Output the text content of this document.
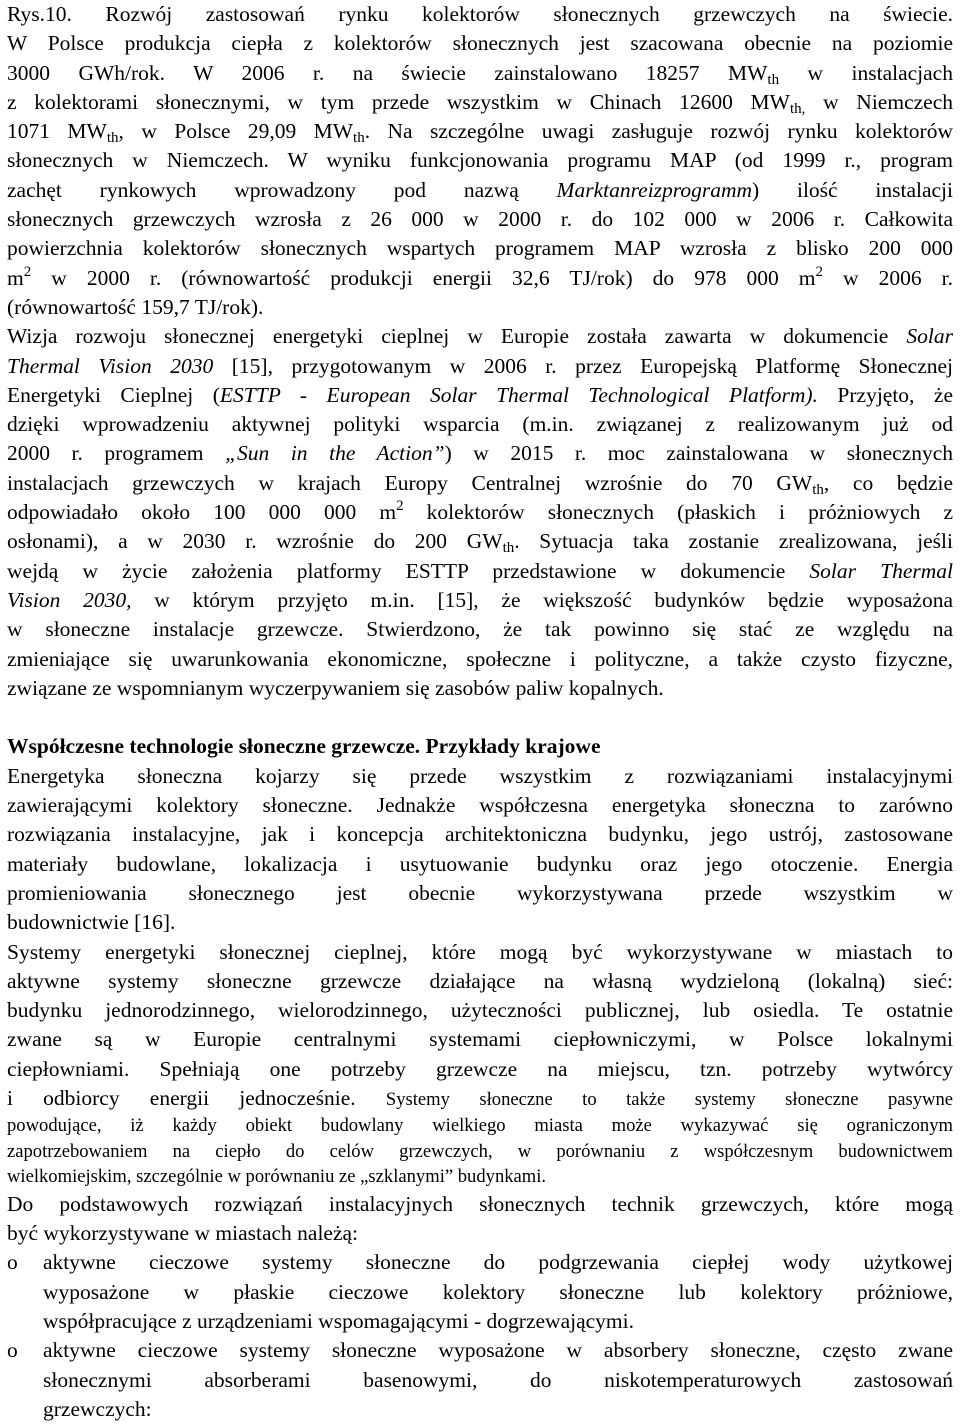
Rys.10. Rozwój zastosowań rynku kolektorów słonecznych grzewczych na świecie.
W Polsce produkcja ciepła z kolektorów słonecznych jest szacowana obecnie na poziomie
3000 GWh/rok. W 2006 r. na świecie zainstalowano 18257 $MW_{th}$ w instalacjach
z kolektorami słonecznymi, w tym przede wszystkim w Chinach 12600 $MW_{th,}$ w Niemczech
1071 $MW_{th}$, w Polsce 29,09 $MW_{th}$. Na szczególne uwagi zasługuje rozwój rynku kolektorów
słonecznych w Niemczech. W wyniku funkcjonowania programu MAP (od 1999 r., program
zachęt rynkowych wprowadzony pod nazwą Marktanreizprogramm) ilość instalacji
słonecznych grzewczych wzrosła z 26 000 w 2000 r. do 102 000 w 2006 r. Całkowita
powierzchnia kolektorów słonecznych wspartych programem MAP wzrosła z blisko 200 000
$m^2$ w 2000 r. (równowartość produkcji energii 32,6 TJ/rok) do 978 000 $m^2$ w 2006 r.
(równowartość 159,7 TJ/rok).
Wizja rozwoju słonecznej energetyki cieplnej w Europie została zawarta w dokumencie Solar
Thermal Vision 2030 [15], przygotowanym w 2006 r. przez Europejską Platformę Słonecznej
Energetyki Cieplnej (ESTTP - European Solar Thermal Technological Platform). Przyjęto, że
dzięki wprowadzeniu aktywnej polityki wsparcia (m.in. związanej z realizowanym już od
2000 r. programem „Sun in the Action”) w 2015 r. moc zainstalowana w słonecznych
instalacjach grzewczych w krajach Europy Centralnej wzrośnie do 70 $GW_{th}$, co będzie
odpowiadało około 100 000 000 $m^2$ kolektorów słonecznych (płaskich i próżniowych z
osłonami), a w 2030 r. wzrośnie do 200 $GW_{th}$. Sytuacja taka zostanie zrealizowana, jeśli
wejdą w życie założenia platformy ESTTP przedstawione w dokumencie Solar Thermal
Vision 2030, w którym przyjęto m.in. [15], że większość budynków będzie wyposażona
w słoneczne instalacje grzewcze. Stwierdzono, że tak powinno się stać ze względu na
zmieniające się uwarunkowania ekonomiczne, społeczne i polityczne, a także czysto fizyczne,
związane ze wspomnianym wyczerpywaniem się zasobów paliw kopalnych.
Współczesne technologie słoneczne grzewcze. Przykłady krajowe
Energetyka słoneczna kojarzy się przede wszystkim z rozwiązaniami instalacyjnymi
zawierającymi kolektory słoneczne. Jednakże współczesna energetyka słoneczna to zarówno
rozwiązania instalacyjne, jak i koncepcja architektoniczna budynku, jego ustrój, zastosowane
materiały budowlane, lokalizacja i usytuowanie budynku oraz jego otoczenie. Energia
promieniowania słonecznego jest obecnie wykorzystywana przede wszystkim w
budownictwie [16].
Systemy energetyki słonecznej cieplnej, które mogą być wykorzystywane w miastach to
aktywne systemy słoneczne grzewcze działające na własną wydzieloną (lokalną) sieć:
budynku jednorodzinnego, wielorodzinnego, użyteczności publicznej, lub osiedla. Te ostatnie
zwane są w Europie centralnymi systemami ciepłowniczymi, w Polsce lokalnymi
ciepłowniami. Spełniają one potrzeby grzewcze na miejscu, tzn. potrzeby wytwórcy
i odbiorcy energii jednocześnie. Systemy słoneczne to także systemy słoneczne pasywne
powodujące, iż każdy obiekt budowlany wielkiego miasta może wykazywać się ograniczonym
zapotrzebowaniem na ciepło do celów grzewczych, w porównaniu z współczesnym budownictwem
wielkomiejskim, szczególnie w porównaniu ze „szklanymi” budynkami.
Do podstawowych rozwiązań instalacyjnych słonecznych technik grzewczych, które mogą
być wykorzystywane w miastach należą:
o	aktywne cieczowe systemy słoneczne do podgrzewania ciepłej wody użytkowej
wyposażone w płaskie cieczowe kolektory słoneczne lub kolektory próżniowe,
współpracujące z urządzeniami wspomagającymi - dogrzewającymi.
o	aktywne cieczowe systemy słoneczne wyposażone w absorbery słoneczne, często zwane
słonecznymi absorberami basenowymi, do niskotemperaturowych zastosowań
grzewczych:
